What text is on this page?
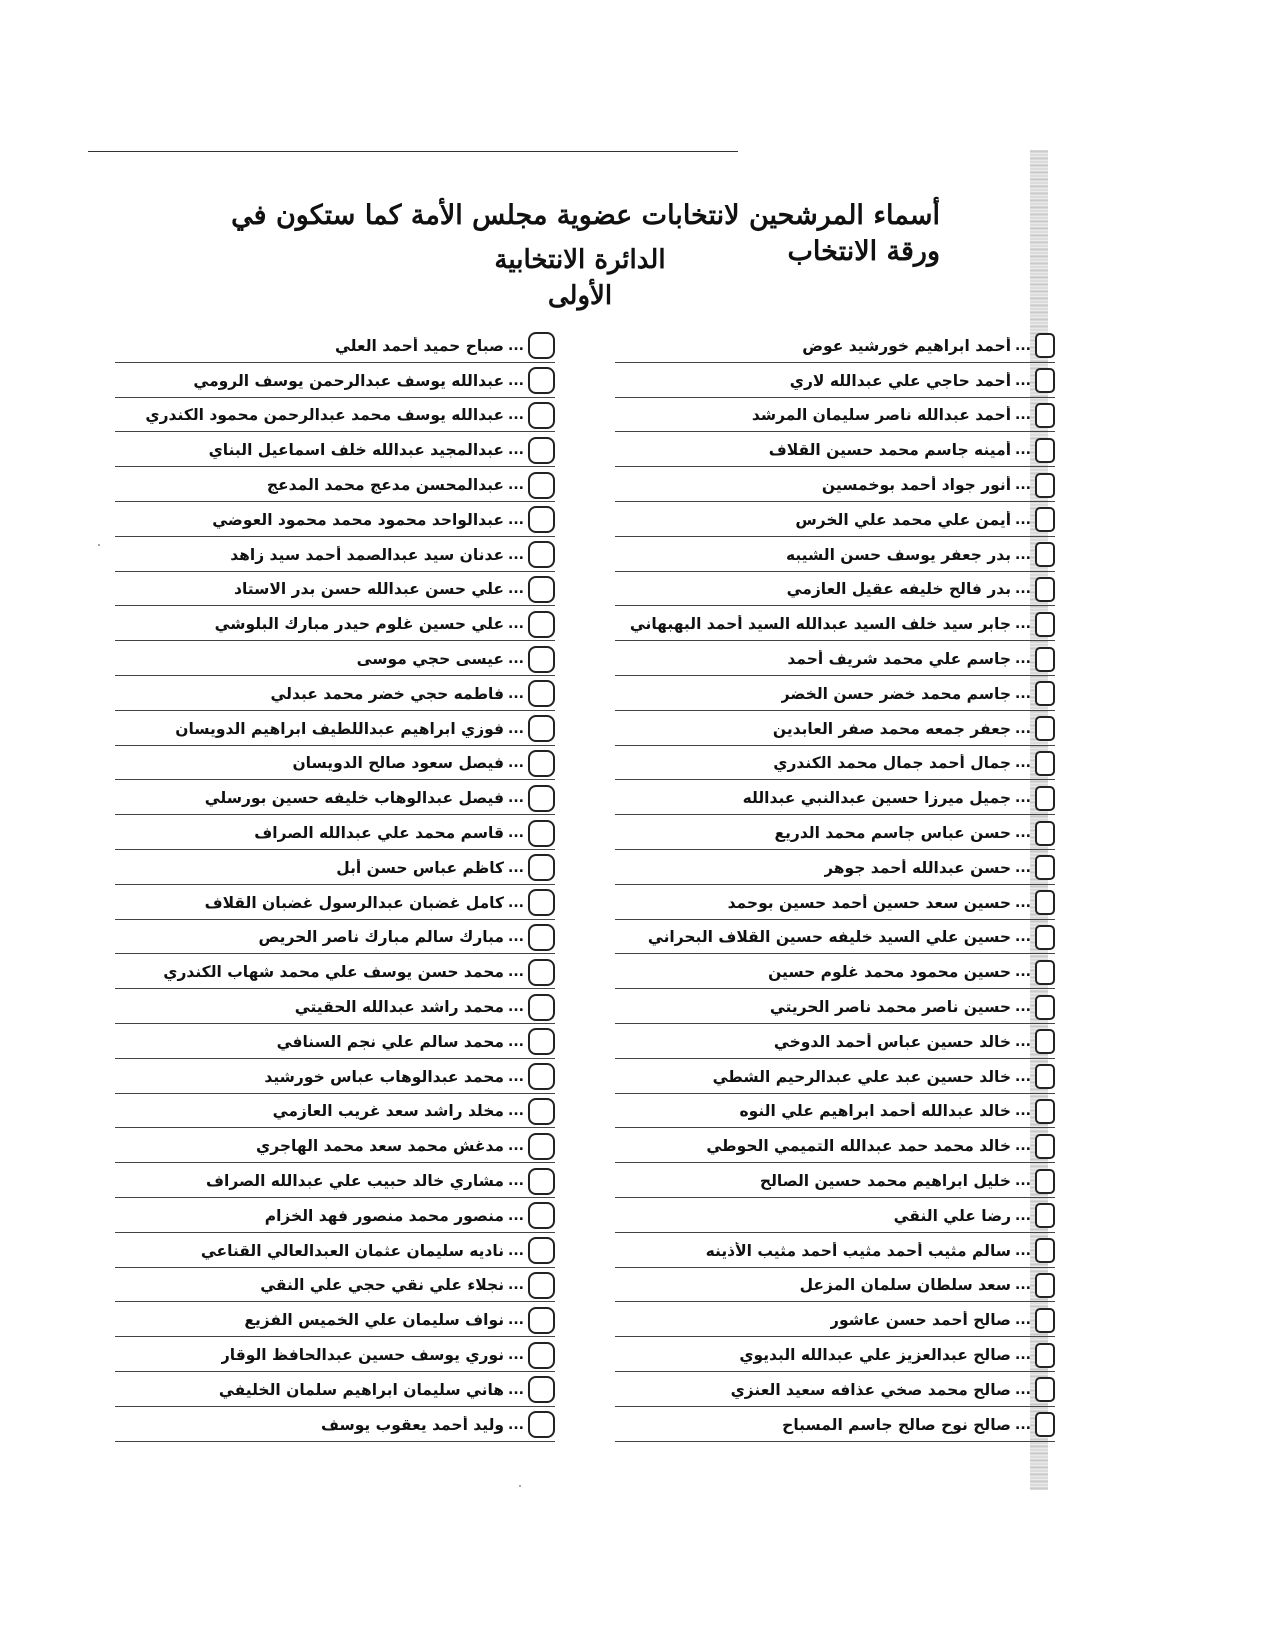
أسماء المرشحين لانتخابات عضوية مجلس الأمة كما ستكون في ورقة الانتخاب
الدائرة الانتخابية الأولى
...
أحمد ابراهيم خورشيد عوض
...
أحمد حاجي علي عبدالله لاري
...
أحمد عبدالله ناصر سليمان المرشد
...
أمينه جاسم محمد حسين القلاف
...
أنور جواد أحمد بوخمسين
...
أيمن علي محمد علي الخرس
...
بدر جعفر يوسف حسن الشيبه
...
بدر فالح خليفه عقيل العازمي
...
جابر سيد خلف السيد عبدالله السيد أحمد البهبهاني
...
جاسم علي محمد شريف أحمد
...
جاسم محمد خضر حسن الخضر
...
جعفر جمعه محمد صفر العابدين
...
جمال أحمد جمال محمد الكندري
...
جميل ميرزا حسين عبدالنبي عبدالله
...
حسن عباس جاسم محمد الدريع
...
حسن عبدالله أحمد جوهر
...
حسين سعد حسين أحمد حسين بوحمد
...
حسين علي السيد خليفه حسين القلاف البحراني
...
حسين محمود محمد غلوم حسين
...
حسين ناصر محمد ناصر الحريتي
...
خالد حسين عباس أحمد الدوخي
...
خالد حسين عبد علي عبدالرحيم الشطي
...
خالد عبدالله أحمد ابراهيم علي النوه
...
خالد محمد حمد عبدالله التميمي الحوطي
...
خليل ابراهيم محمد حسين الصالح
...
رضا علي النقي
...
سالم مثيب أحمد مثيب أحمد مثيب الأذينه
...
سعد سلطان سلمان المزعل
...
صالح أحمد حسن عاشور
...
صالح عبدالعزيز علي عبدالله البديوي
...
صالح محمد صخي عذافه سعيد العنزي
...
صالح نوح صالح جاسم المسباح
...
صباح حميد أحمد العلي
...
عبدالله يوسف عبدالرحمن يوسف الرومي
...
عبدالله يوسف محمد عبدالرحمن محمود الكندري
...
عبدالمجيد عبدالله خلف اسماعيل البناي
...
عبدالمحسن مدعج محمد المدعج
...
عبدالواحد محمود محمد محمود العوضي
...
عدنان سيد عبدالصمد أحمد سيد زاهد
...
علي حسن عبدالله حسن بدر الاستاد
...
علي حسين غلوم حيدر مبارك البلوشي
...
عيسى حجي موسى
...
فاطمه حجي خضر محمد عبدلي
...
فوزي ابراهيم عبداللطيف ابراهيم الدويسان
...
فيصل سعود صالح الدويسان
...
فيصل عبدالوهاب خليفه حسين بورسلي
...
قاسم محمد علي عبدالله الصراف
...
كاظم عباس حسن أبل
...
كامل غضبان عبدالرسول غضبان القلاف
...
مبارك سالم مبارك ناصر الحريص
...
محمد حسن يوسف علي محمد شهاب الكندري
...
محمد راشد عبدالله الحقيتي
...
محمد سالم علي نجم السنافي
...
محمد عبدالوهاب عباس خورشيد
...
مخلد راشد سعد غريب العازمي
...
مدغش محمد سعد محمد الهاجري
...
مشاري خالد حبيب علي عبدالله الصراف
...
منصور محمد منصور فهد الخزام
...
ناديه سليمان عثمان العبدالعالي القناعي
...
نجلاء علي نقي حجي علي النقي
...
نواف سليمان علي الخميس الفزيع
...
نوري يوسف حسين عبدالحافظ الوقار
...
هاني سليمان ابراهيم سلمان الخليفي
...
وليد أحمد يعقوب يوسف
